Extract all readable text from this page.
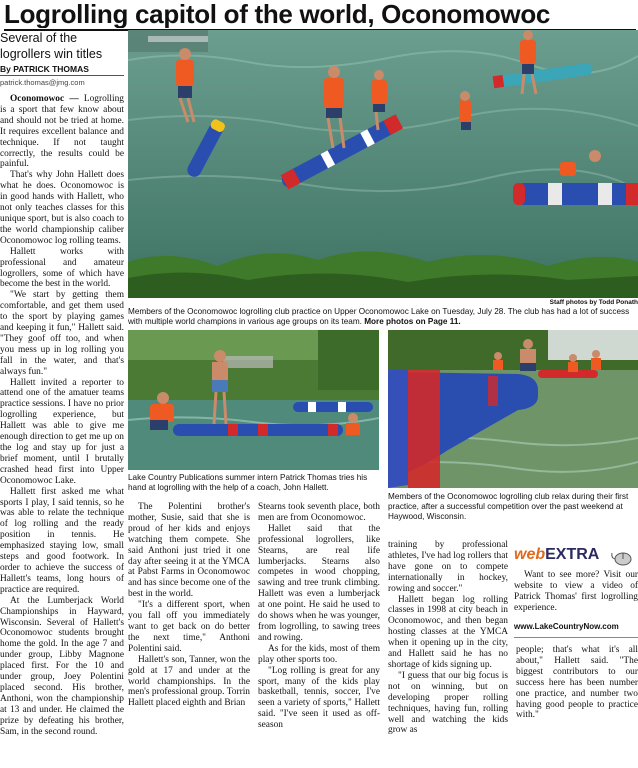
Logrolling capitol of the world, Oconomowoc
Several of the logrollers win titles
By PATRICK THOMAS
patrick.thomas@jmg.com

Oconomowoc — Logrolling is a sport that few know about and should not be tried at home. It requires excellent balance and technique. If not taught correctly, the results could be painful.

That's why John Hallett does what he does. Oconomowoc is in good hands with Hallett, who not only teaches classes for this unique sport, but is also coach to the world championship caliber Oconomowoc log rolling teams.

Hallett works with professional and amateur logrollers, some of which have become the best in the world.

"We start by getting them comfortable, and get them used to the sport by playing games and keeping it fun," Hallett said. "They goof off too, and when you mess up in log rolling you fall in the water, and that's always fun."

Hallett invited a reporter to attend one of the amatuer teams practice sessions. I have no prior logrolling experience, but Hallett was able to give me enough direction to get me up on the log and stay up for just a brief moment, until I brutally crashed head first into Upper Oconomowoc Lake.

Hallett first asked me what sports I play, I said tennis, so he was able to relate the technique of log rolling and the ready position in tennis. He emphasized staying low, small steps and good footwork. In order to achieve the success of Hallett's teams, long hours of practice are required.

At the Lumberjack World Championships in Hayward, Wisconsin. Several of Hallett's Oconomowoc students brought home the gold. In the age 7 and under group, Libby Magnone placed first. For the 10 and under group, Joey Polentini placed second. His brother, Anthoni, won the championship at 13 and under. He claimed the prize by defeating his brother, Sam, in the second round.

Staff photos by Todd Ponath
Members of the Oconomowoc logrolling club practice on Upper Oconomowoc Lake on Tuesday, July 28. The club has had a lot of success with multiple world champions in various age groups on its team. More photos on Page 11.
Lake Country Publications summer intern Patrick Thomas tries his hand at logrolling with the help of a coach, John Hallett.
Members of the Oconomowoc logrolling club relax during their first practice, after a successful competition over the past weekend at Haywood, Wisconsin.

The Polentini brother's mother, Susie, said that she is proud of her kids and enjoys watching them compete. She said Anthoni just tried it one day after seeing it at the YMCA at Pabst Farms in Oconomowoc and has since become one of the best in the world.

"It's a different sport, when you fall off you immediately want to get back on do better the next time," Anthoni Polentini said.

Hallett's son, Tanner, won the gold at 17 and under at the world championships. In the men's professional group. Torrin Hallett placed eighth and Brian

Stearns took seventh place, both men are from Oconomowoc.

Hallet said that the professional logrollers, like Stearns, are real life lumberjacks. Stearns also competes in wood chopping, sawing and tree trunk climbing. Hallett was even a lumberjack at one point. He said he used to do shows when he was younger, from logrolling, to sawing trees and rowing.

As for the kids, most of them play other sports too.

"Log rolling is great for any sport, many of the kids play basketball, tennis, soccer, I've seen a variety of sports," Hallett said. "I've seen it used as off-season

training by professional athletes, I've had log rollers that have gone on to compete internationally in hockey, rowing and soccer."

Hallett began log rolling classes in 1998 at city beach in Oconomowoc, and then began hosting classes at the YMCA when it opening up in the city, and Hallett said he has no shortage of kids signing up.

"I guess that our big focus is not on winning, but on developing proper rolling techniques, having fun, rolling well and watching the kids grow as

webEXTRA
Want to see more? Visit our website to view a video of Patrick Thomas' first logrolling experience.
www.LakeCountryNow.com

people; that's what it's all about," Hallett said. "The biggest contributors to our success here has been number one practice, and number two having good people to practice with."
